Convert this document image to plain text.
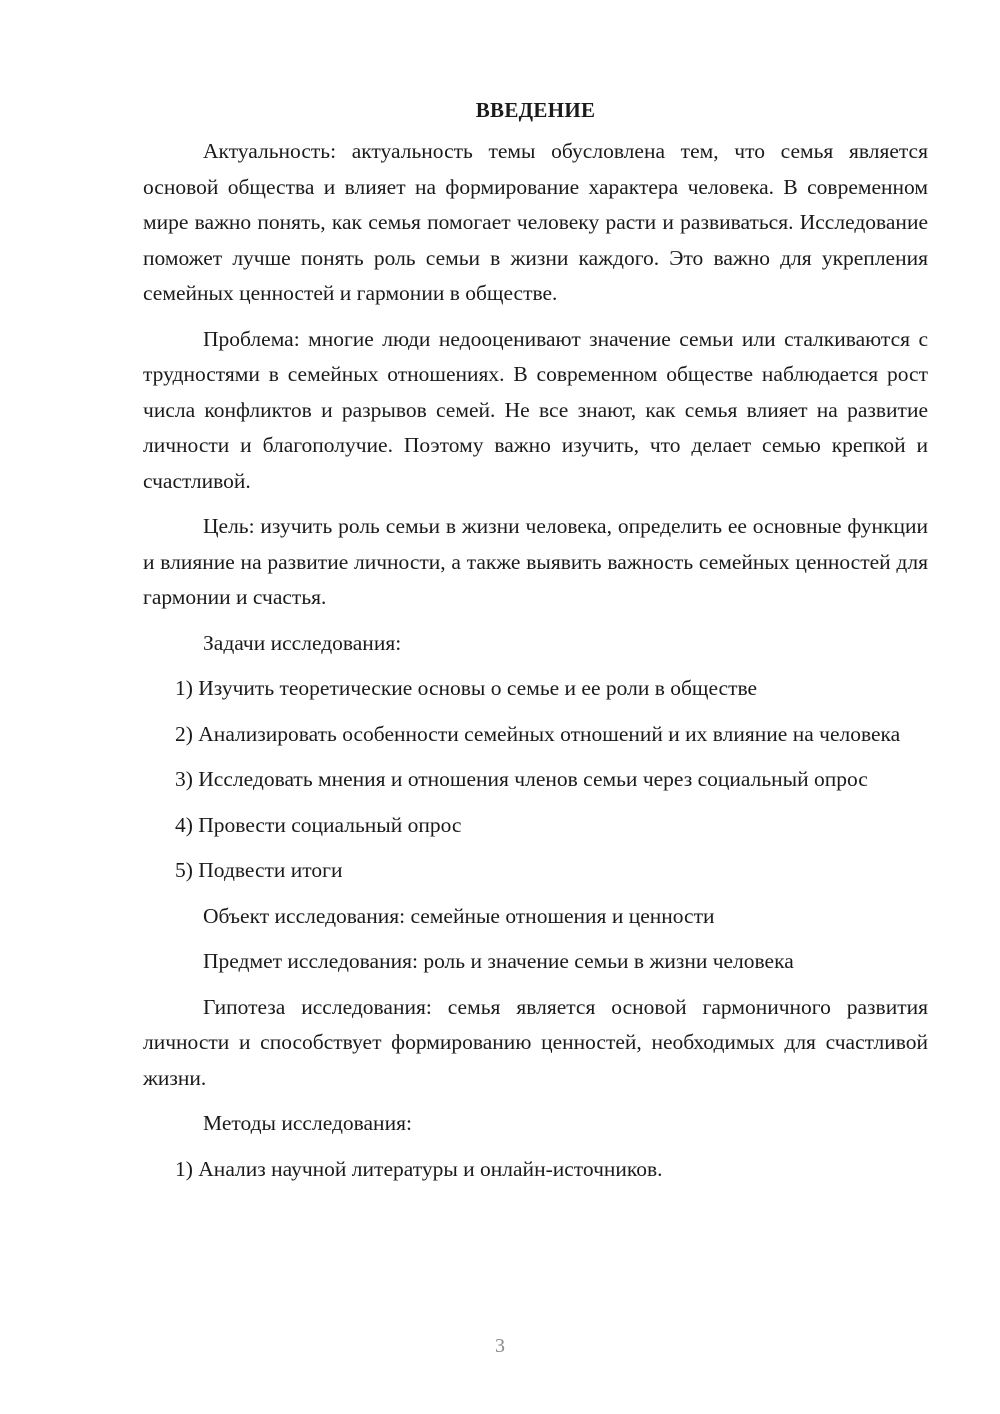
ВВЕДЕНИЕ

Актуальность: актуальность темы обусловлена тем, что семья является основой общества и влияет на формирование характера человека. В современном мире важно понять, как семья помогает человеку расти и развиваться. Исследование поможет лучше понять роль семьи в жизни каждого. Это важно для укрепления семейных ценностей и гармонии в обществе.

Проблема: многие люди недооценивают значение семьи или сталкиваются с трудностями в семейных отношениях. В современном обществе наблюдается рост числа конфликтов и разрывов семей. Не все знают, как семья влияет на развитие личности и благополучие. Поэтому важно изучить, что делает семью крепкой и счастливой.

Цель: изучить роль семьи в жизни человека, определить ее основные функции и влияние на развитие личности, а также выявить важность семейных ценностей для гармонии и счастья.

Задачи исследования:

1) Изучить теоретические основы о семье и ее роли в обществе

2) Анализировать особенности семейных отношений и их влияние на человека

3) Исследовать мнения и отношения членов семьи через социальный опрос

4) Провести социальный опрос

5) Подвести итоги

Объект исследования: семейные отношения и ценности

Предмет исследования: роль и значение семьи в жизни человека

Гипотеза исследования: семья является основой гармоничного развития личности и способствует формированию ценностей, необходимых для счастливой жизни.

Методы исследования:

1) Анализ научной литературы и онлайн-источников.

3
